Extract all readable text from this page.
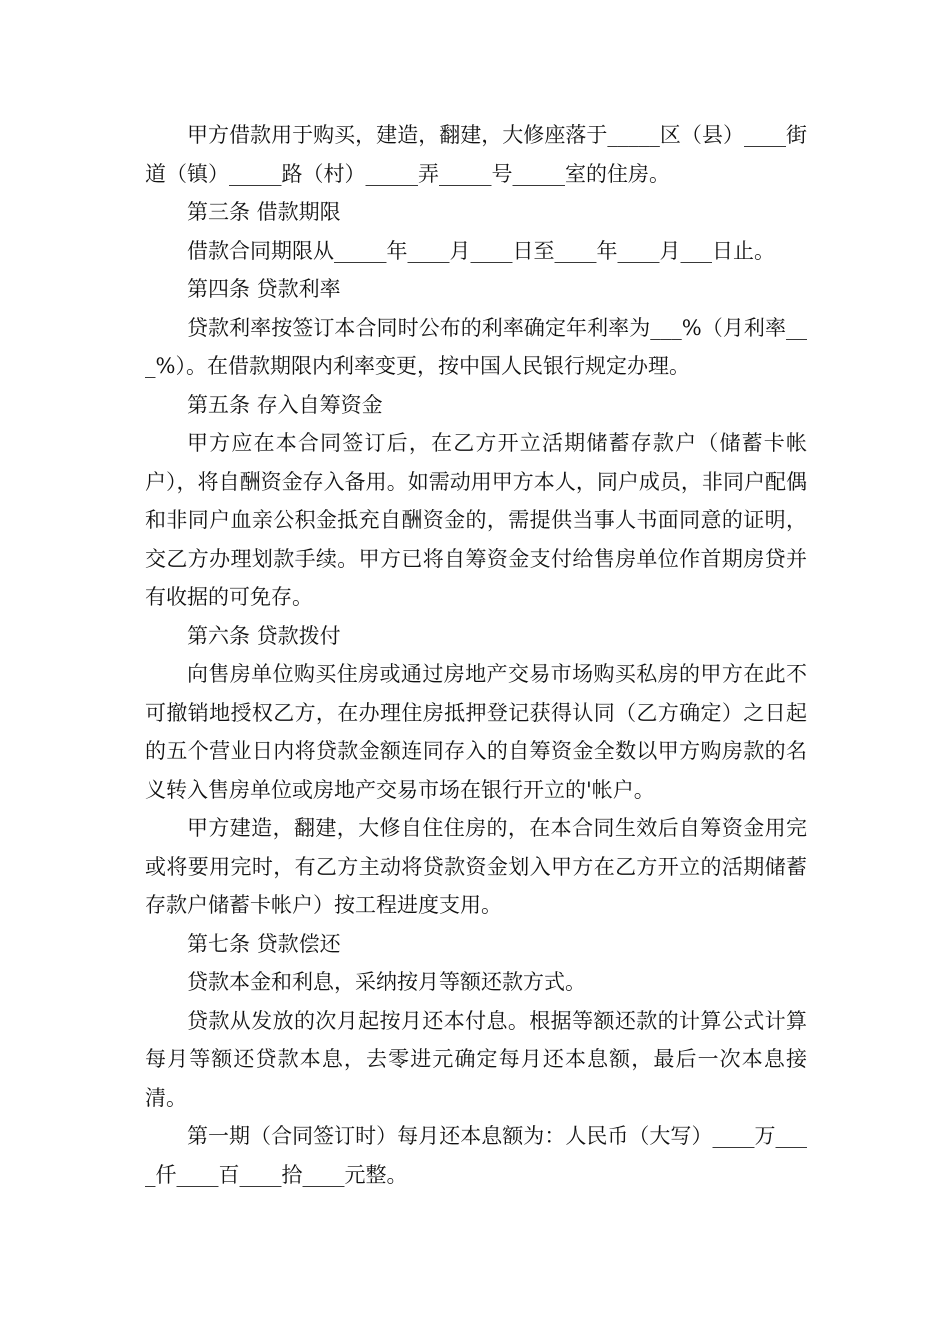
甲方借款用于购买，建造，翻建，大修座落于_____区（县）____街道（镇）_____路（村）_____弄_____号_____室的住房。

第三条 借款期限

借款合同期限从_____年____月____日至____年____月___日止。

第四条 贷款利率

贷款利率按签订本合同时公布的利率确定年利率为___%（月利率___%）。在借款期限内利率变更，按中国人民银行规定办理。

第五条 存入自筹资金

甲方应在本合同签订后，在乙方开立活期储蓄存款户（储蓄卡帐户），将自酬资金存入备用。如需动用甲方本人，同户成员，非同户配偶和非同户血亲公积金抵充自酬资金的，需提供当事人书面同意的证明，交乙方办理划款手续。甲方已将自筹资金支付给售房单位作首期房贷并有收据的可免存。

第六条 贷款拨付

向售房单位购买住房或通过房地产交易市场购买私房的甲方在此不可撤销地授权乙方，在办理住房抵押登记获得认同（乙方确定）之日起的五个营业日内将贷款金额连同存入的自筹资金全数以甲方购房款的名义转入售房单位或房地产交易市场在银行开立的'帐户。

甲方建造，翻建，大修自住住房的，在本合同生效后自筹资金用完或将要用完时，有乙方主动将贷款资金划入甲方在乙方开立的活期储蓄存款户储蓄卡帐户）按工程进度支用。

第七条 贷款偿还

贷款本金和利息，采纳按月等额还款方式。

贷款从发放的次月起按月还本付息。根据等额还款的计算公式计算每月等额还贷款本息，去零进元确定每月还本息额，最后一次本息接清。

第一期（合同签订时）每月还本息额为：人民币（大写）____万____仟____百____拾____元整。
